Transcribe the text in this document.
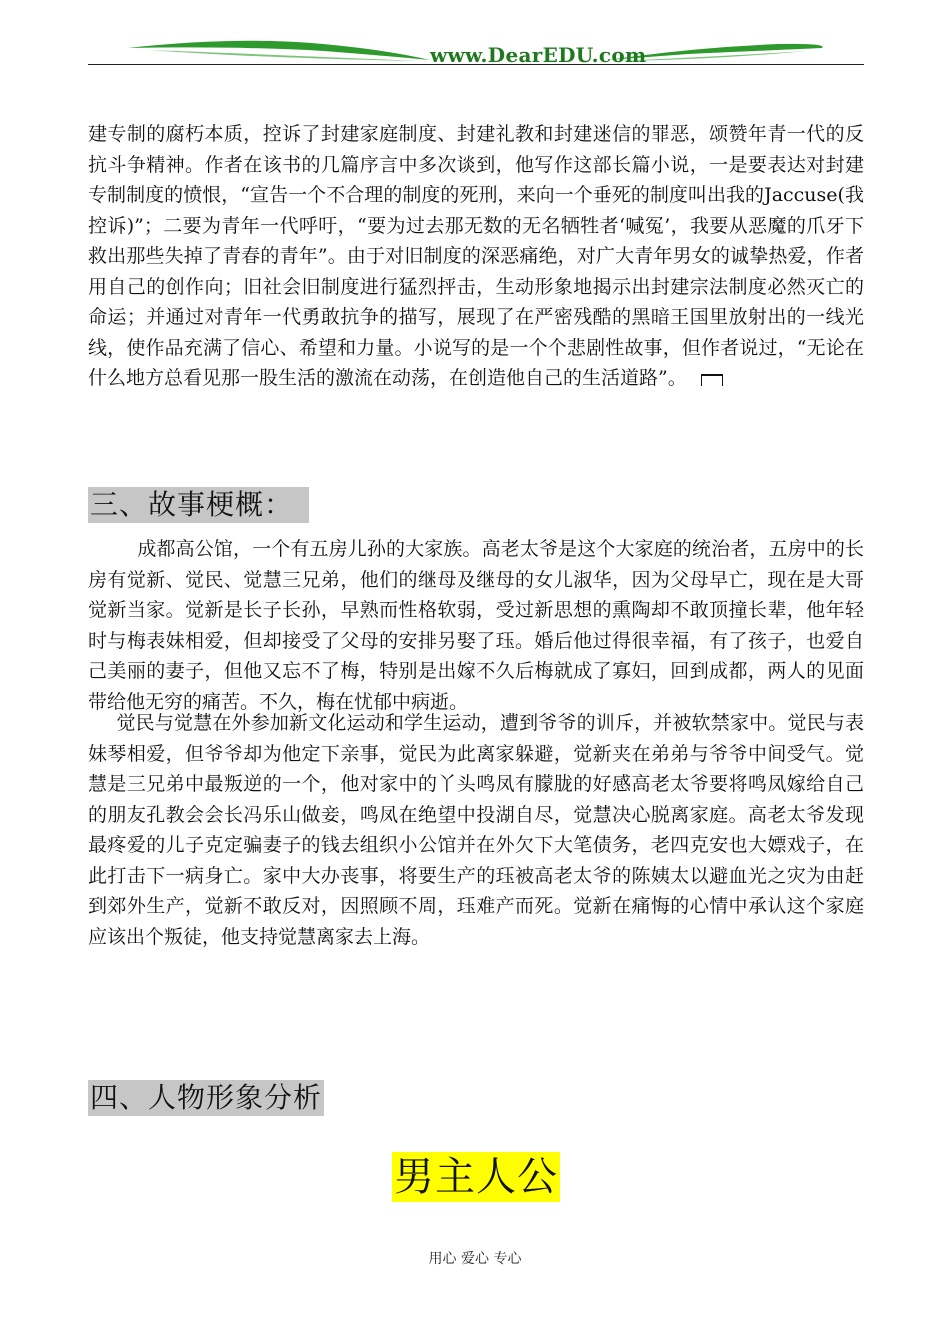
www.DearEDU.com

建专制的腐朽本质，控诉了封建家庭制度、封建礼教和封建迷信的罪恶，颂赞年青一代的反抗斗争精神。作者在该书的几篇序言中多次谈到，他写作这部长篇小说，一是要表达对封建专制制度的愤恨，“宣告一个不合理的制度的死刑，来向一个垂死的制度叫出我的Jaccuse(我控诉)”；二要为青年一代呼吁，“要为过去那无数的无名牺牲者‘喊冤’，我要从恶魔的爪牙下救出那些失掉了青春的青年”。由于对旧制度的深恶痛绝，对广大青年男女的诚挚热爱，作者用自己的创作向；旧社会旧制度进行猛烈抨击，生动形象地揭示出封建宗法制度必然灭亡的命运；并通过对青年一代勇敢抗争的描写，展现了在严密残酷的黑暗王国里放射出的一线光线，使作品充满了信心、希望和力量。小说写的是一个个悲剧性故事，但作者说过，“无论在什么地方总看见那一股生活的激流在动荡，在创造他自己的生活道路”。

三、故事梗概：

成都高公馆，一个有五房儿孙的大家族。高老太爷是这个大家庭的统治者，五房中的长房有觉新、觉民、觉慧三兄弟，他们的继母及继母的女儿淑华，因为父母早亡，现在是大哥觉新当家。觉新是长子长孙，早熟而性格软弱，受过新思想的熏陶却不敢顶撞长辈，他年轻时与梅表妹相爱，但却接受了父母的安排另娶了珏。婚后他过得很幸福，有了孩子，也爱自己美丽的妻子，但他又忘不了梅，特别是出嫁不久后梅就成了寡妇，回到成都，两人的见面带给他无穷的痛苦。不久，梅在忧郁中病逝。

觉民与觉慧在外参加新文化运动和学生运动，遭到爷爷的训斥，并被软禁家中。觉民与表妹琴相爱，但爷爷却为他定下亲事，觉民为此离家躲避，觉新夹在弟弟与爷爷中间受气。觉慧是三兄弟中最叛逆的一个，他对家中的丫头鸣凤有朦胧的好感高老太爷要将鸣凤嫁给自己的朋友孔教会会长冯乐山做妾，鸣凤在绝望中投湖自尽，觉慧决心脱离家庭。高老太爷发现最疼爱的儿子克定骗妻子的钱去组织小公馆并在外欠下大笔债务，老四克安也大嫖戏子，在此打击下一病身亡。家中大办丧事，将要生产的珏被高老太爷的陈姨太以避血光之灾为由赶到郊外生产，觉新不敢反对，因照顾不周，珏难产而死。觉新在痛悔的心情中承认这个家庭应该出个叛徒，他支持觉慧离家去上海。

四、人物形象分析
男主人公
用心 爱心 专心
